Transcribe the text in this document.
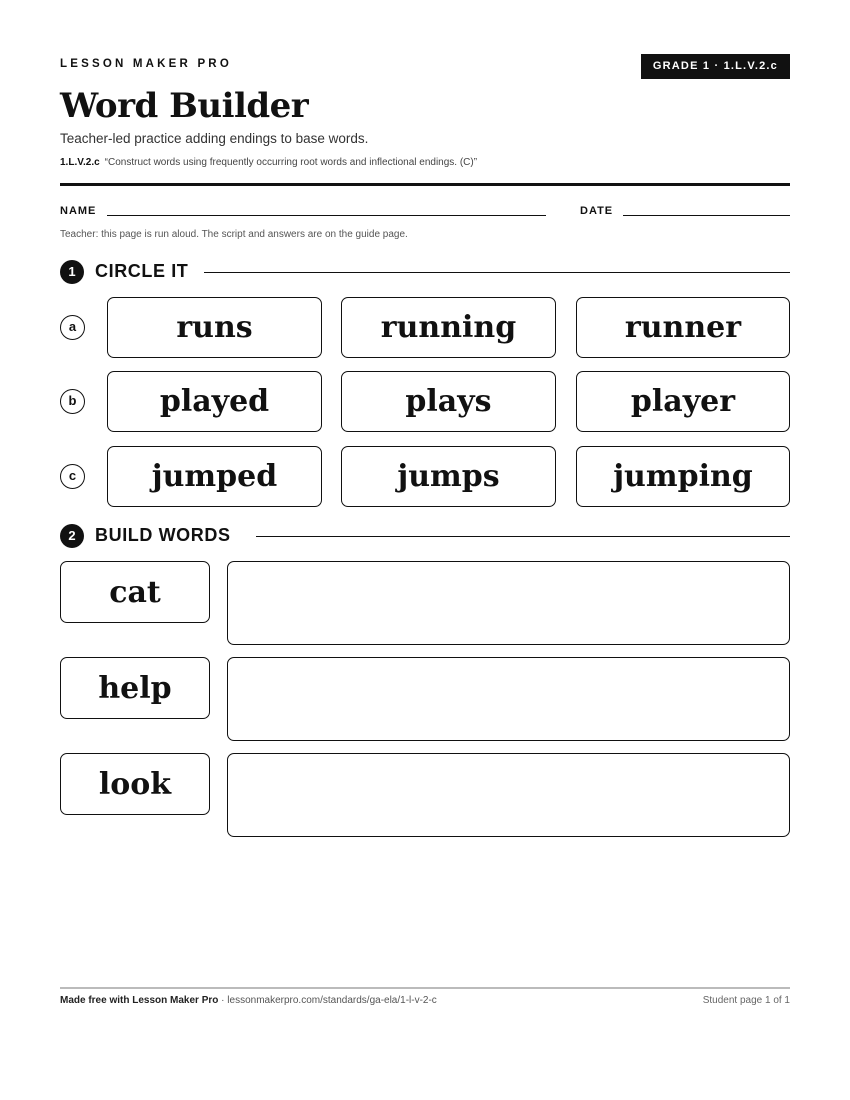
LESSON MAKER PRO	GRADE 1 · 1.L.V.2.c
Word Builder
Teacher-led practice adding endings to base words.
1.L.V.2.c “Construct words using frequently occurring root words and inflectional endings. (C)”
NAME	DATE
Teacher: this page is run aloud. The script and answers are on the guide page.
1	CIRCLE IT
a	runs	running	runner
b	played	plays	player
c	jumped	jumps	jumping
2	BUILD WORDS
cat
help
look
Made free with Lesson Maker Pro · lessonmakerpro.com/standards/ga-ela/1-l-v-2-c	Student page 1 of 1
